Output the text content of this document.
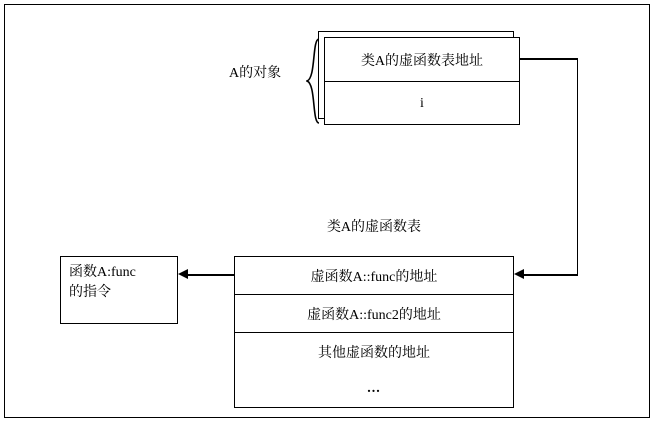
类A的虚函数表地址
i
A的对象
类A的虚函数表
虚函数A::func的地址
虚函数A::func2的地址
其他虚函数的地址
...
函数A:func
的指令
